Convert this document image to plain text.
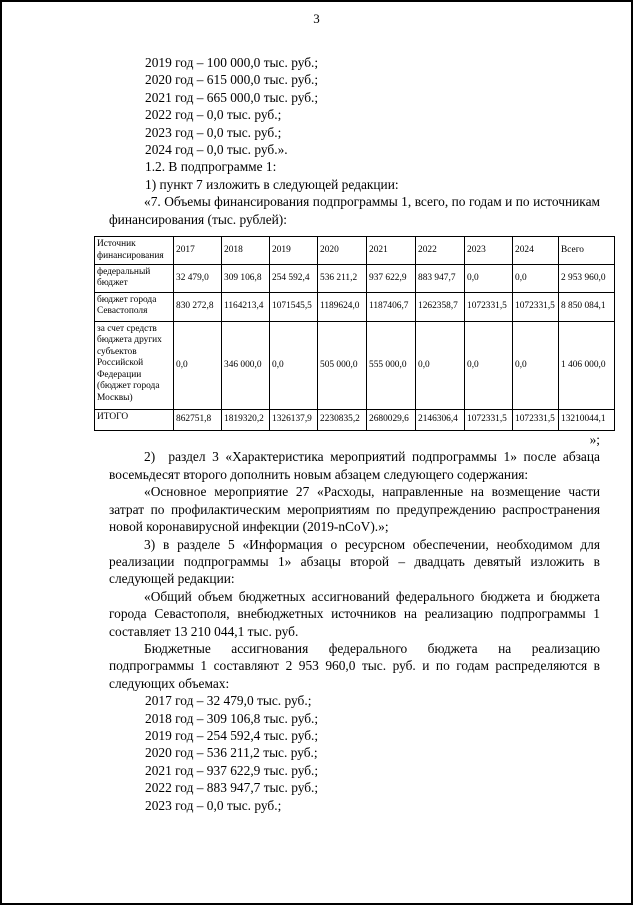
3
2019 год – 100 000,0 тыс. руб.;
2020 год – 615 000,0 тыс. руб.;
2021 год – 665 000,0 тыс. руб.;
2022 год – 0,0 тыс. руб.;
2023 год – 0,0 тыс. руб.;
2024 год – 0,0 тыс. руб.».
1.2. В подпрограмме 1:
1) пункт 7 изложить в следующей редакции:

«7. Объемы финансирования подпрограммы 1, всего, по годам и по источникам финансирования (тыс. рублей):

Источник финансирования	2017	2018	2019	2020	2021	2022	2023	2024	Всего
федеральный бюджет	32 479,0	309 106,8	254 592,4	536 211,2	937 622,9	883 947,7	0,0	0,0	2 953 960,0
бюджет города Севастополя	830 272,8	1164213,4	1071545,5	1189624,0	1187406,7	1262358,7	1072331,5	1072331,5	8 850 084,1
за счет средств бюджета других субъектов Российской Федерации (бюджет города Москвы)	0,0	346 000,0	0,0	505 000,0	555 000,0	0,0	0,0	0,0	1 406 000,0
ИТОГО	862751,8	1819320,2	1326137,9	2230835,2	2680029,6	2146306,4	1072331,5	1072331,5	13210044,1

»;

2)  раздел 3 «Характеристика мероприятий подпрограммы 1» после абзаца восемьдесят второго дополнить новым абзацем следующего содержания:

«Основное мероприятие 27 «Расходы, направленные на возмещение части затрат по профилактическим мероприятиям по предупреждению распространения новой коронавирусной инфекции (2019-nCoV).»;

3) в разделе 5 «Информация о ресурсном обеспечении, необходимом для реализации подпрограммы 1» абзацы второй – двадцать девятый изложить в следующей редакции:

«Общий объем бюджетных ассигнований федерального бюджета и бюджета города Севастополя, внебюджетных источников на реализацию подпрограммы 1 составляет 13 210 044,1 тыс. руб.

Бюджетные ассигнования федерального бюджета на реализацию подпрограммы 1 составляют 2 953 960,0 тыс. руб. и по годам распределяются в следующих объемах:

2017 год – 32 479,0 тыс. руб.;
2018 год – 309 106,8 тыс. руб.;
2019 год – 254 592,4 тыс. руб.;
2020 год – 536 211,2 тыс. руб.;
2021 год – 937 622,9 тыс. руб.;
2022 год – 883 947,7 тыс. руб.;
2023 год – 0,0 тыс. руб.;
